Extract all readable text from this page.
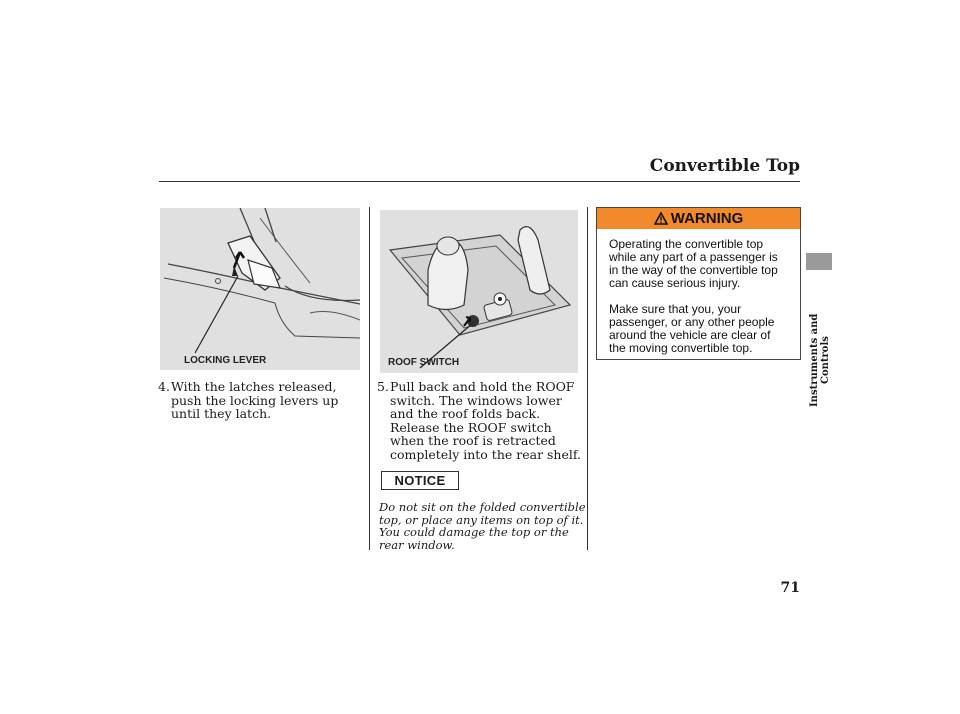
Convertible Top
LOCKING LEVER	ROOF SWITCH
4. With the latches released, push the locking levers up until they latch.
5. Pull back and hold the ROOF switch. The windows lower and the roof folds back. Release the ROOF switch when the roof is retracted completely into the rear shelf.
NOTICE
Do not sit on the folded convertible top, or place any items on top of it. You could damage the top or the rear window.
WARNING
Operating the convertible top while any part of a passenger is in the way of the convertible top can cause serious injury.
Make sure that you, your passenger, or any other people around the vehicle are clear of the moving convertible top.	Instruments and Controls
71
